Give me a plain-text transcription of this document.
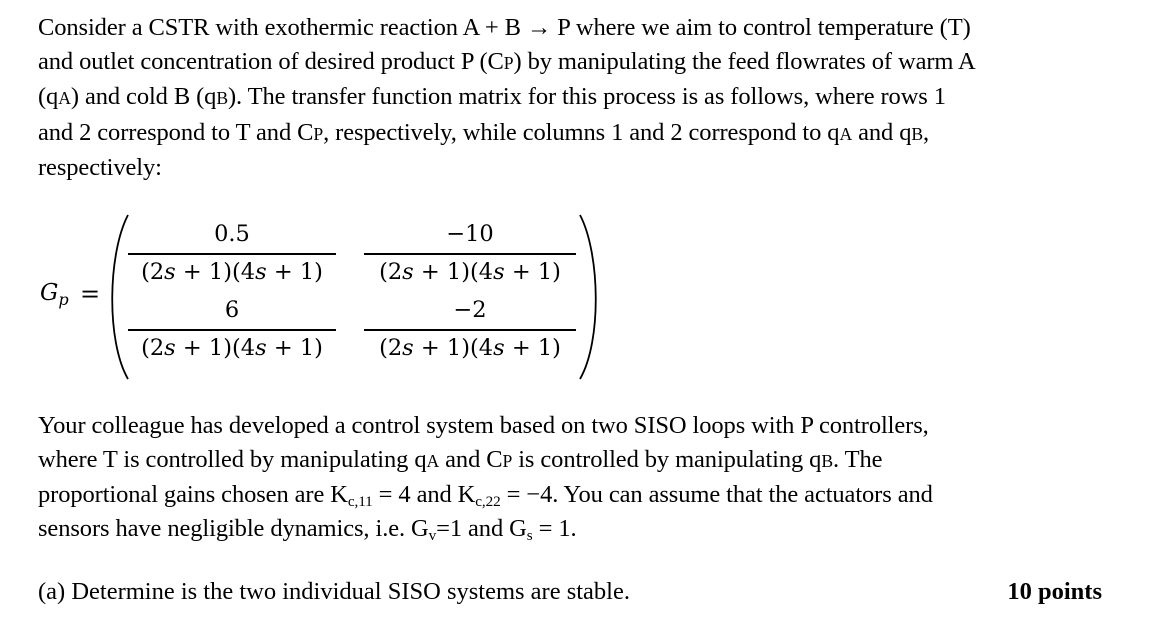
Consider a CSTR with exothermic reaction A + B → P where we aim to control temperature (T)
and outlet concentration of desired product P (CP) by manipulating the feed flowrates of warm A
(qA) and cold B (qB). The transfer function matrix for this process is as follows, where rows 1
and 2 correspond to T and CP, respectively, while columns 1 and 2 correspond to qA and qB,
respectively:
$G_p$ =
0.5
(2s + 1)(4s + 1)
−10
(2s + 1)(4s + 1)
6
(2s + 1)(4s + 1)
−2
(2s + 1)(4s + 1)
Your colleague has developed a control system based on two SISO loops with P controllers,
where T is controlled by manipulating qA and CP is controlled by manipulating qB. The
proportional gains chosen are $K_{c,11} = 4$ and $K_{c,22} = -4$. You can assume that the actuators and
sensors have negligible dynamics, i.e. $G_v=1$ and $G_s = 1$.
(a) Determine is the two individual SISO systems are stable.	10 points
